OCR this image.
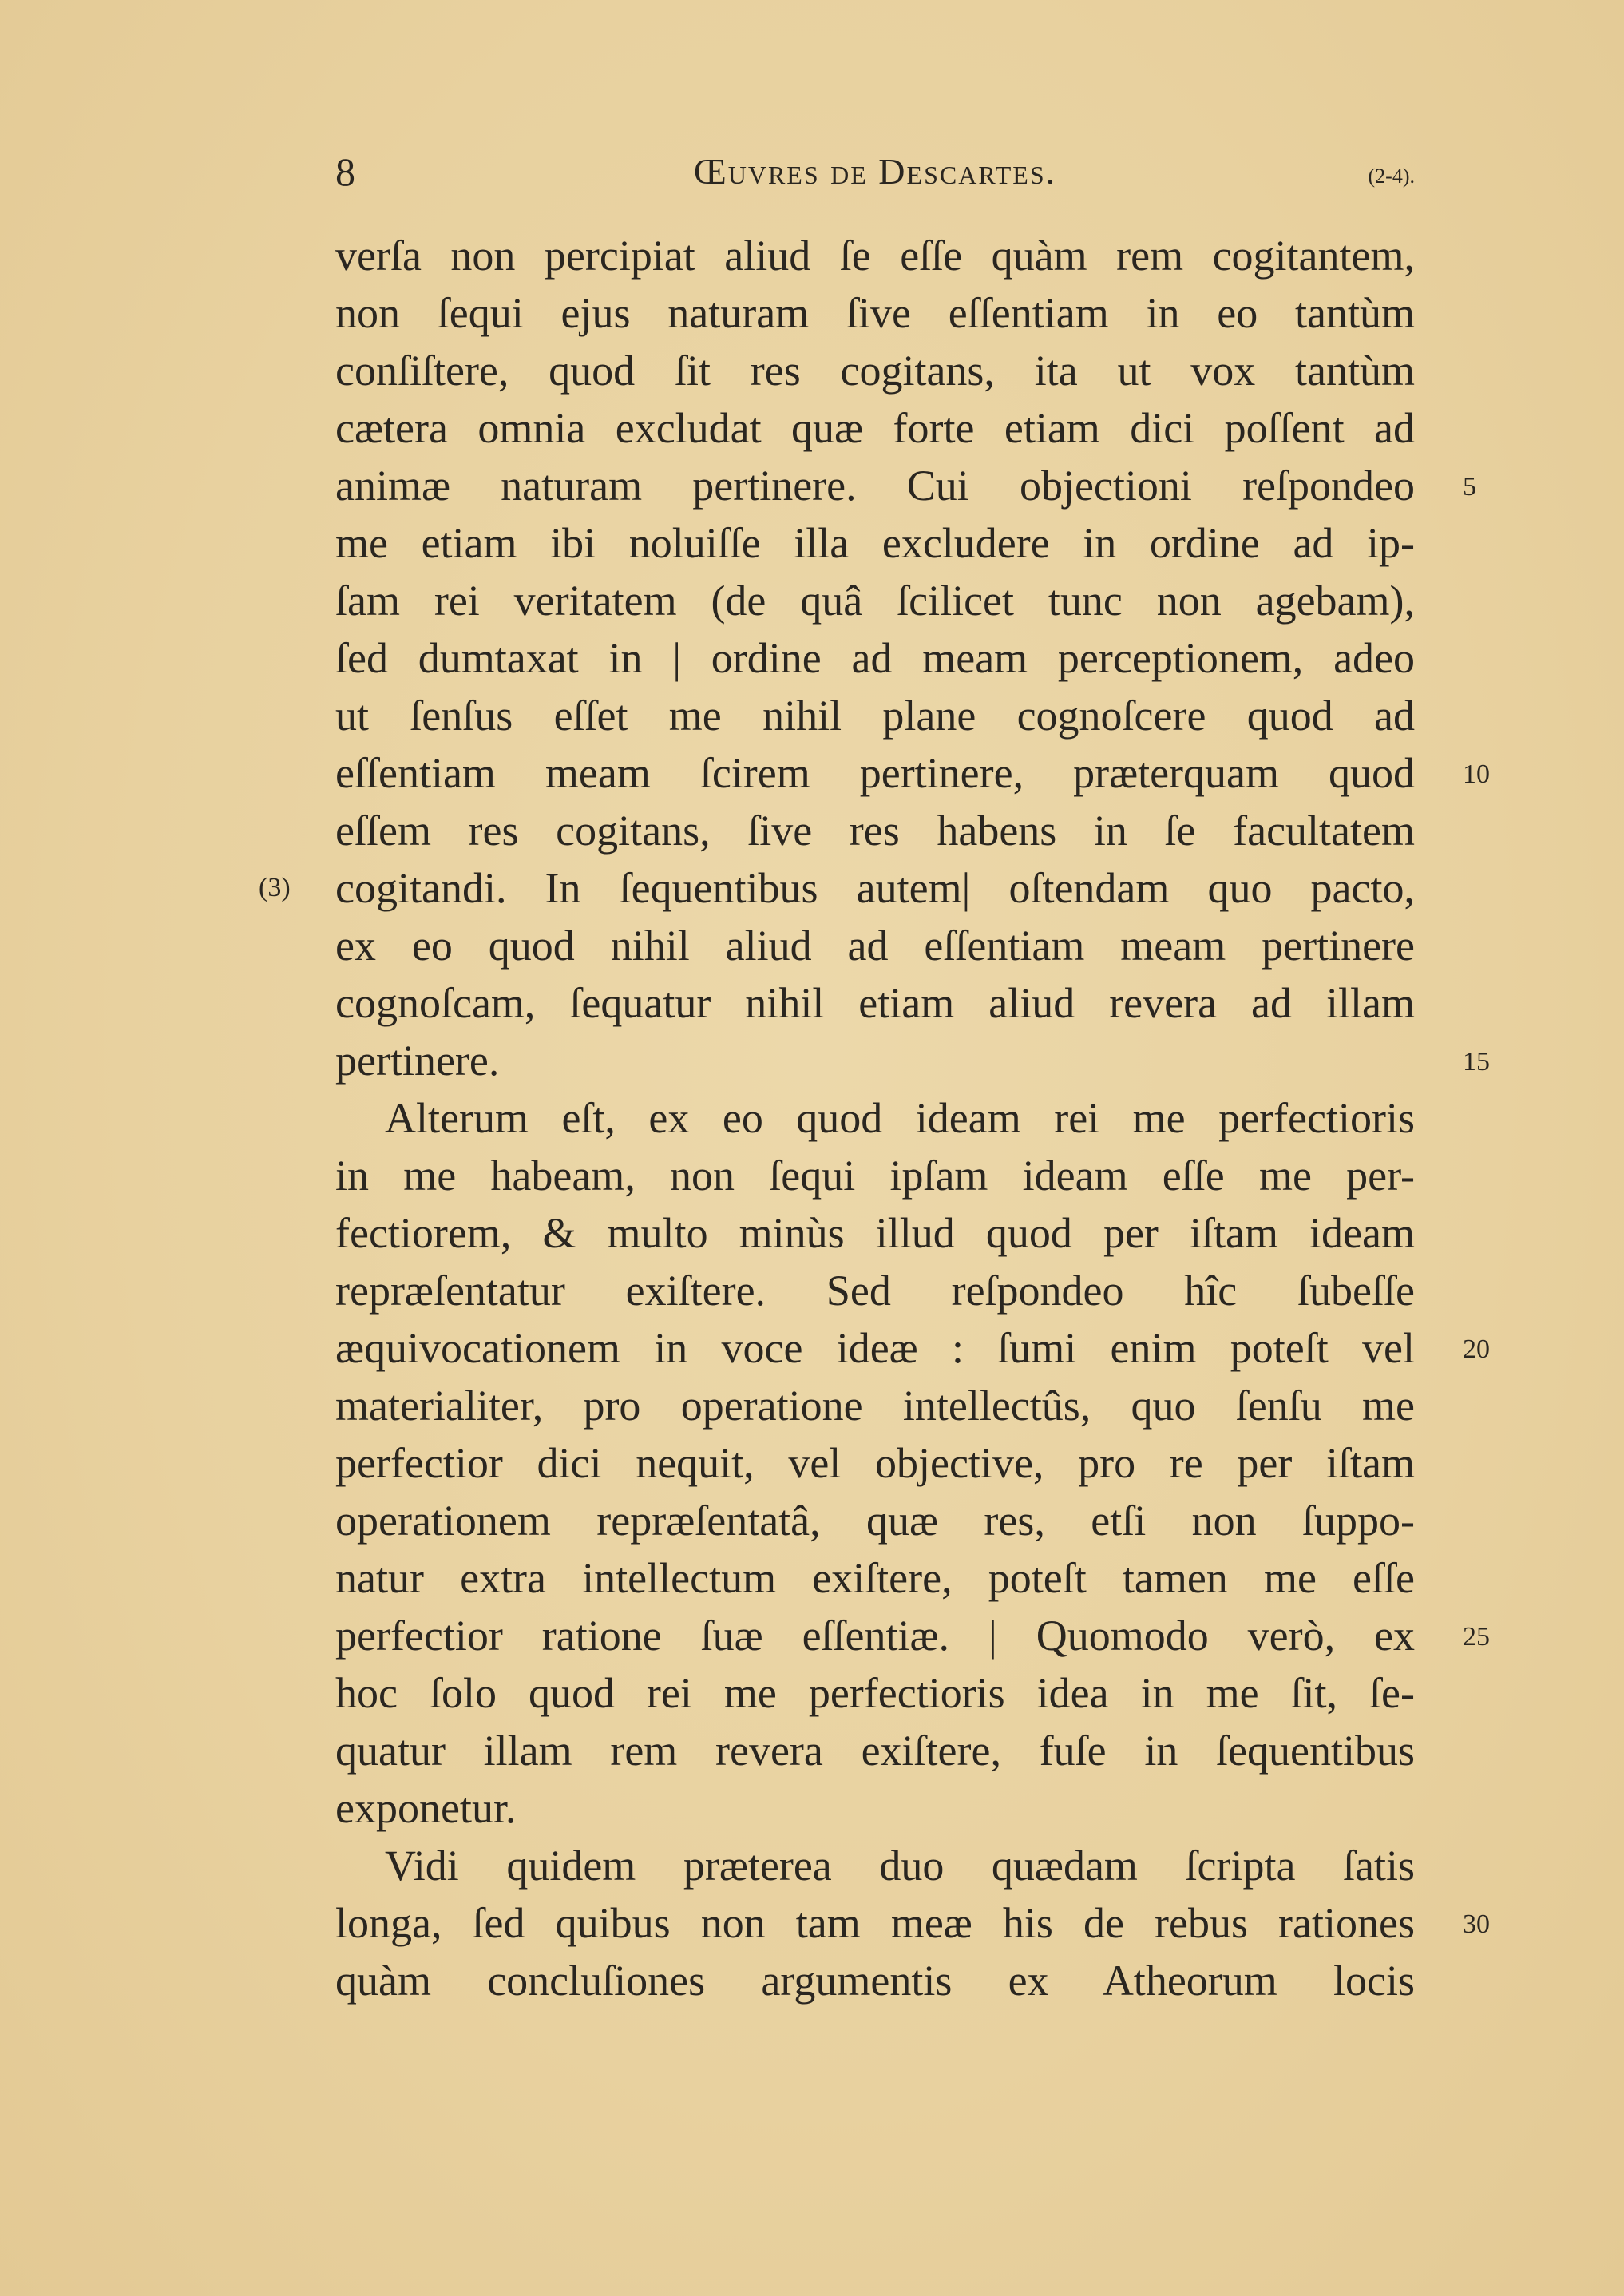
8	Œuvres de Descartes.	(2-4).
verſa non percipiat aliud ſe eſſe quàm rem cogitantem,
non ſequi ejus naturam ſive eſſentiam in eo tantùm
conſiſtere, quod ſit res cogitans, ita ut vox tantùm
cætera omnia excludat quæ forte etiam dici poſſent ad
animæ naturam pertinere. Cui objectioni reſpondeo 5
me etiam ibi noluiſſe illa excludere in ordine ad ip-
ſam rei veritatem (de quâ ſcilicet tunc non agebam),
ſed dumtaxat in | ordine ad meam perceptionem, adeo
ut ſenſus eſſet me nihil plane cognoſcere quod ad
eſſentiam meam ſcirem pertinere, præterquam quod 10
eſſem res cogitans, ſive res habens in ſe facultatem
cogitandi. In ſequentibus autem| oſtendam quo pacto,
(3)
ex eo quod nihil aliud ad eſſentiam meam pertinere
cognoſcam, ſequatur nihil etiam aliud revera ad illam
pertinere.	15
Alterum eſt, ex eo quod ideam rei me perfectioris
in me habeam, non ſequi ipſam ideam eſſe me per-
fectiorem, & multo minùs illud quod per iſtam ideam
repræſentatur exiſtere. Sed reſpondeo hîc ſubeſſe
æquivocationem in voce ideæ : ſumi enim poteſt vel 20
materialiter, pro operatione intellectûs, quo ſenſu me
perfectior dici nequit, vel objective, pro re per iſtam
operationem repræſentatâ, quæ res, etſi non ſuppo-
natur extra intellectum exiſtere, poteſt tamen me eſſe
perfectior ratione ſuæ eſſentiæ. | Quomodo verò, ex 25
hoc ſolo quod rei me perfectioris idea in me ſit, ſe-
quatur illam rem revera exiſtere, fuſe in ſequentibus
exponetur.
Vidi quidem præterea duo quædam ſcripta ſatis
longa, ſed quibus non tam meæ his de rebus rationes 30
quàm concluſiones argumentis ex Atheorum locis
